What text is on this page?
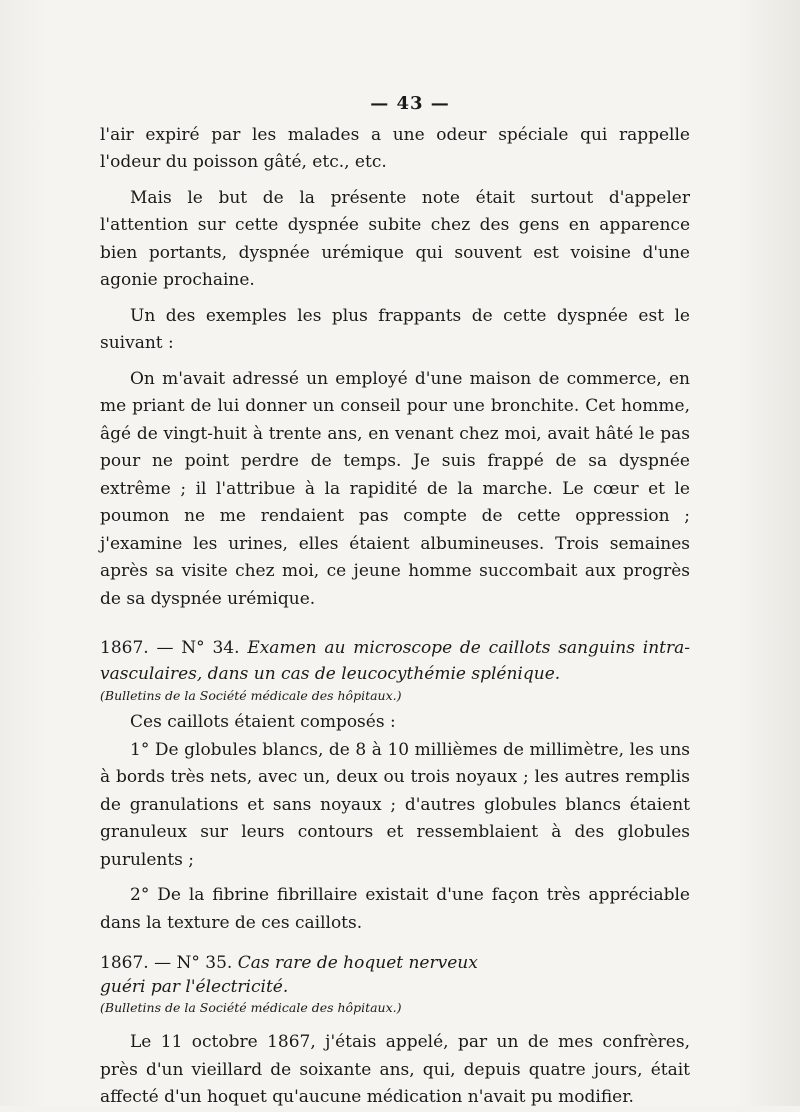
— 43 —

l'air expiré par les malades a une odeur spéciale qui rappelle l'odeur du poisson gâté, etc., etc.

Mais le but de la présente note était surtout d'appeler l'attention sur cette dyspnée subite chez des gens en apparence bien portants, dyspnée urémique qui souvent est voisine d'une agonie prochaine.

Un des exemples les plus frappants de cette dyspnée est le suivant :

On m'avait adressé un employé d'une maison de commerce, en me priant de lui donner un conseil pour une bronchite. Cet homme, âgé de vingt-huit à trente ans, en venant chez moi, avait hâté le pas pour ne point perdre de temps. Je suis frappé de sa dyspnée extrême ; il l'attribue à la rapidité de la marche. Le cœur et le poumon ne me rendaient pas compte de cette oppression ; j'examine les urines, elles étaient albumineuses. Trois semaines après sa visite chez moi, ce jeune homme succombait aux progrès de sa dyspnée urémique.

1867. — N° 34. Examen au microscope de caillots sanguins intra-vasculaires, dans un cas de leucocythémie splénique.

(Bulletins de la Société médicale des hôpitaux.)

Ces caillots étaient composés :

1° De globules blancs, de 8 à 10 millièmes de millimètre, les uns à bords très nets, avec un, deux ou trois noyaux ; les autres remplis de granulations et sans noyaux ; d'autres globules blancs étaient granuleux sur leurs contours et ressemblaient à des globules purulents ;

2° De la fibrine fibrillaire existait d'une façon très appréciable dans la texture de ces caillots.

1867. — N° 35. Cas rare de hoquet nerveux

guéri par l'électricité.

(Bulletins de la Société médicale des hôpitaux.)

Le 11 octobre 1867, j'étais appelé, par un de mes confrères, près d'un vieillard de soixante ans, qui, depuis quatre jours, était affecté d'un hoquet qu'aucune médication n'avait pu modifier.
